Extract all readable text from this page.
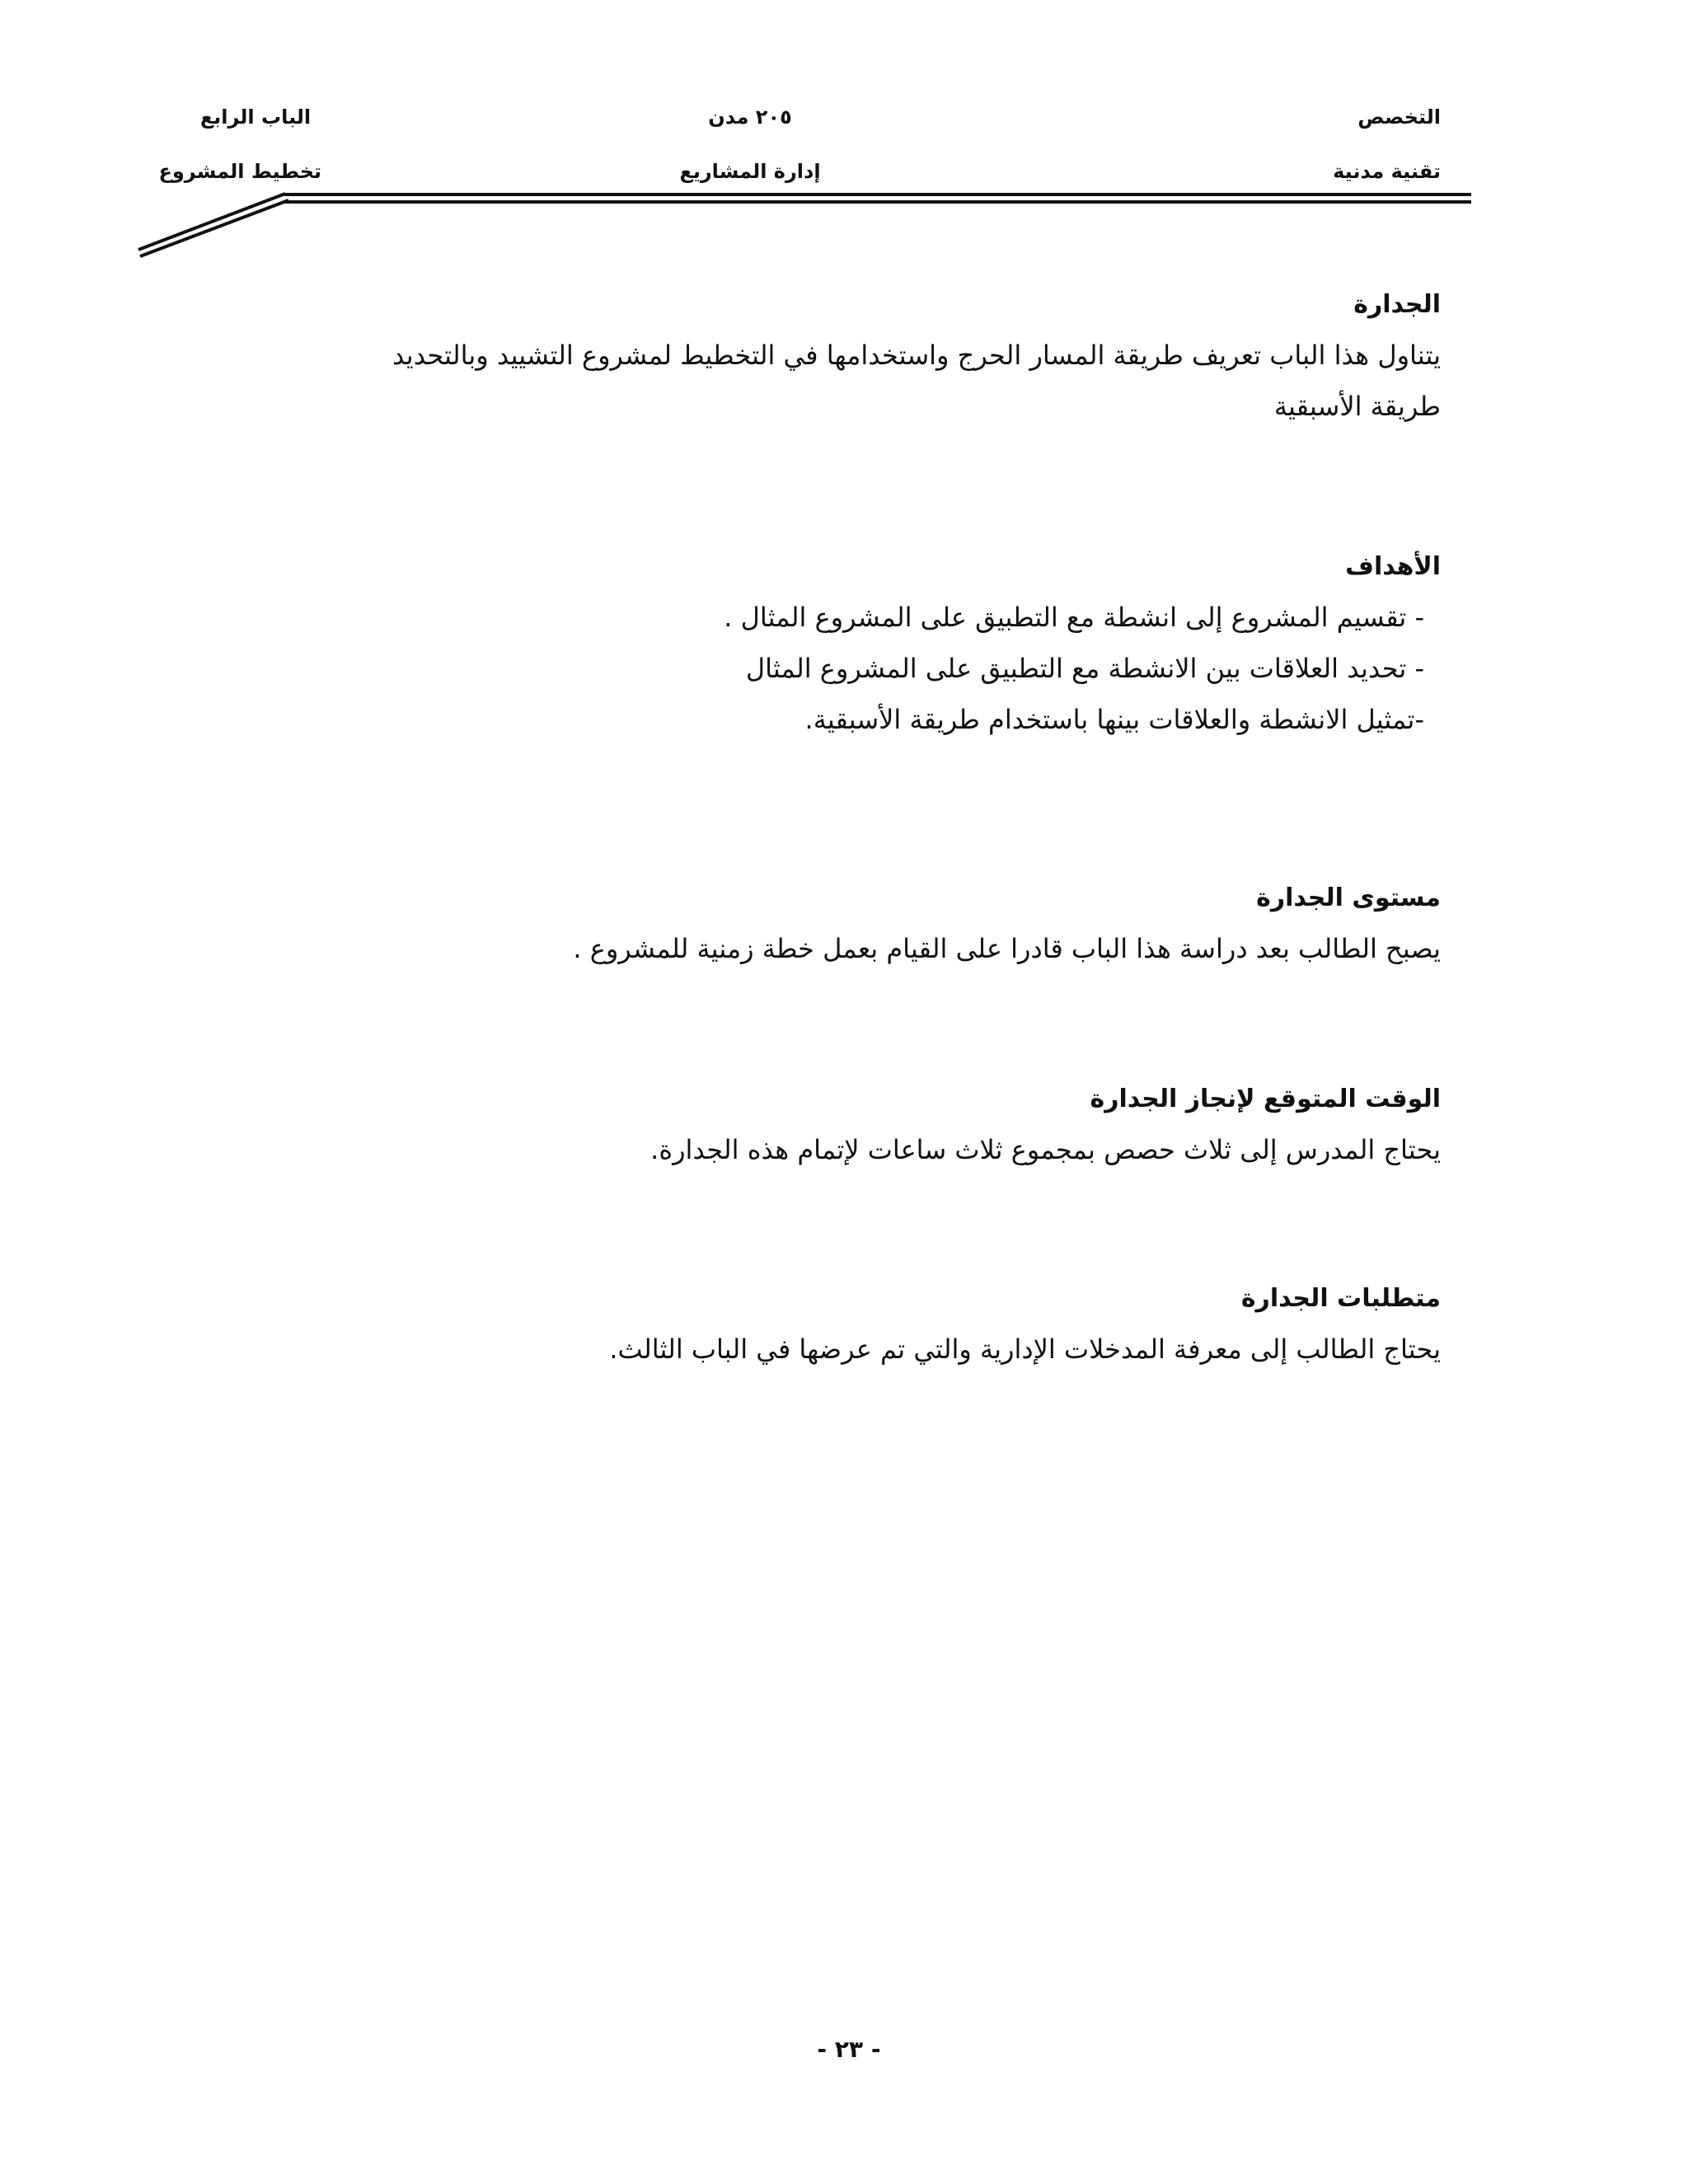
التخصص
٢٠٥ مدن
الباب الرابع
تقنية مدنية
إدارة المشاريع
تخطيط المشروع

الجدارة

يتناول هذا الباب تعريف طريقة المسار الحرج واستخدامها في التخطيط لمشروع التشييد وبالتحديد

طريقة الأسبقية

الأهداف

- تقسيم المشروع إلى انشطة مع التطبيق على المشروع المثال .

- تحديد العلاقات بين الانشطة مع التطبيق على المشروع المثال

-تمثيل الانشطة والعلاقات بينها باستخدام طريقة الأسبقية.

مستوى الجدارة

يصبح الطالب بعد دراسة هذا الباب قادرا على القيام بعمل خطة زمنية للمشروع .

الوقت المتوقع لإنجاز الجدارة

يحتاج المدرس إلى ثلاث حصص بمجموع ثلاث ساعات لإتمام هذه الجدارة.

متطلبات الجدارة

يحتاج الطالب إلى معرفة المدخلات الإدارية والتي تم عرضها في الباب الثالث.

- ٢٣ -
